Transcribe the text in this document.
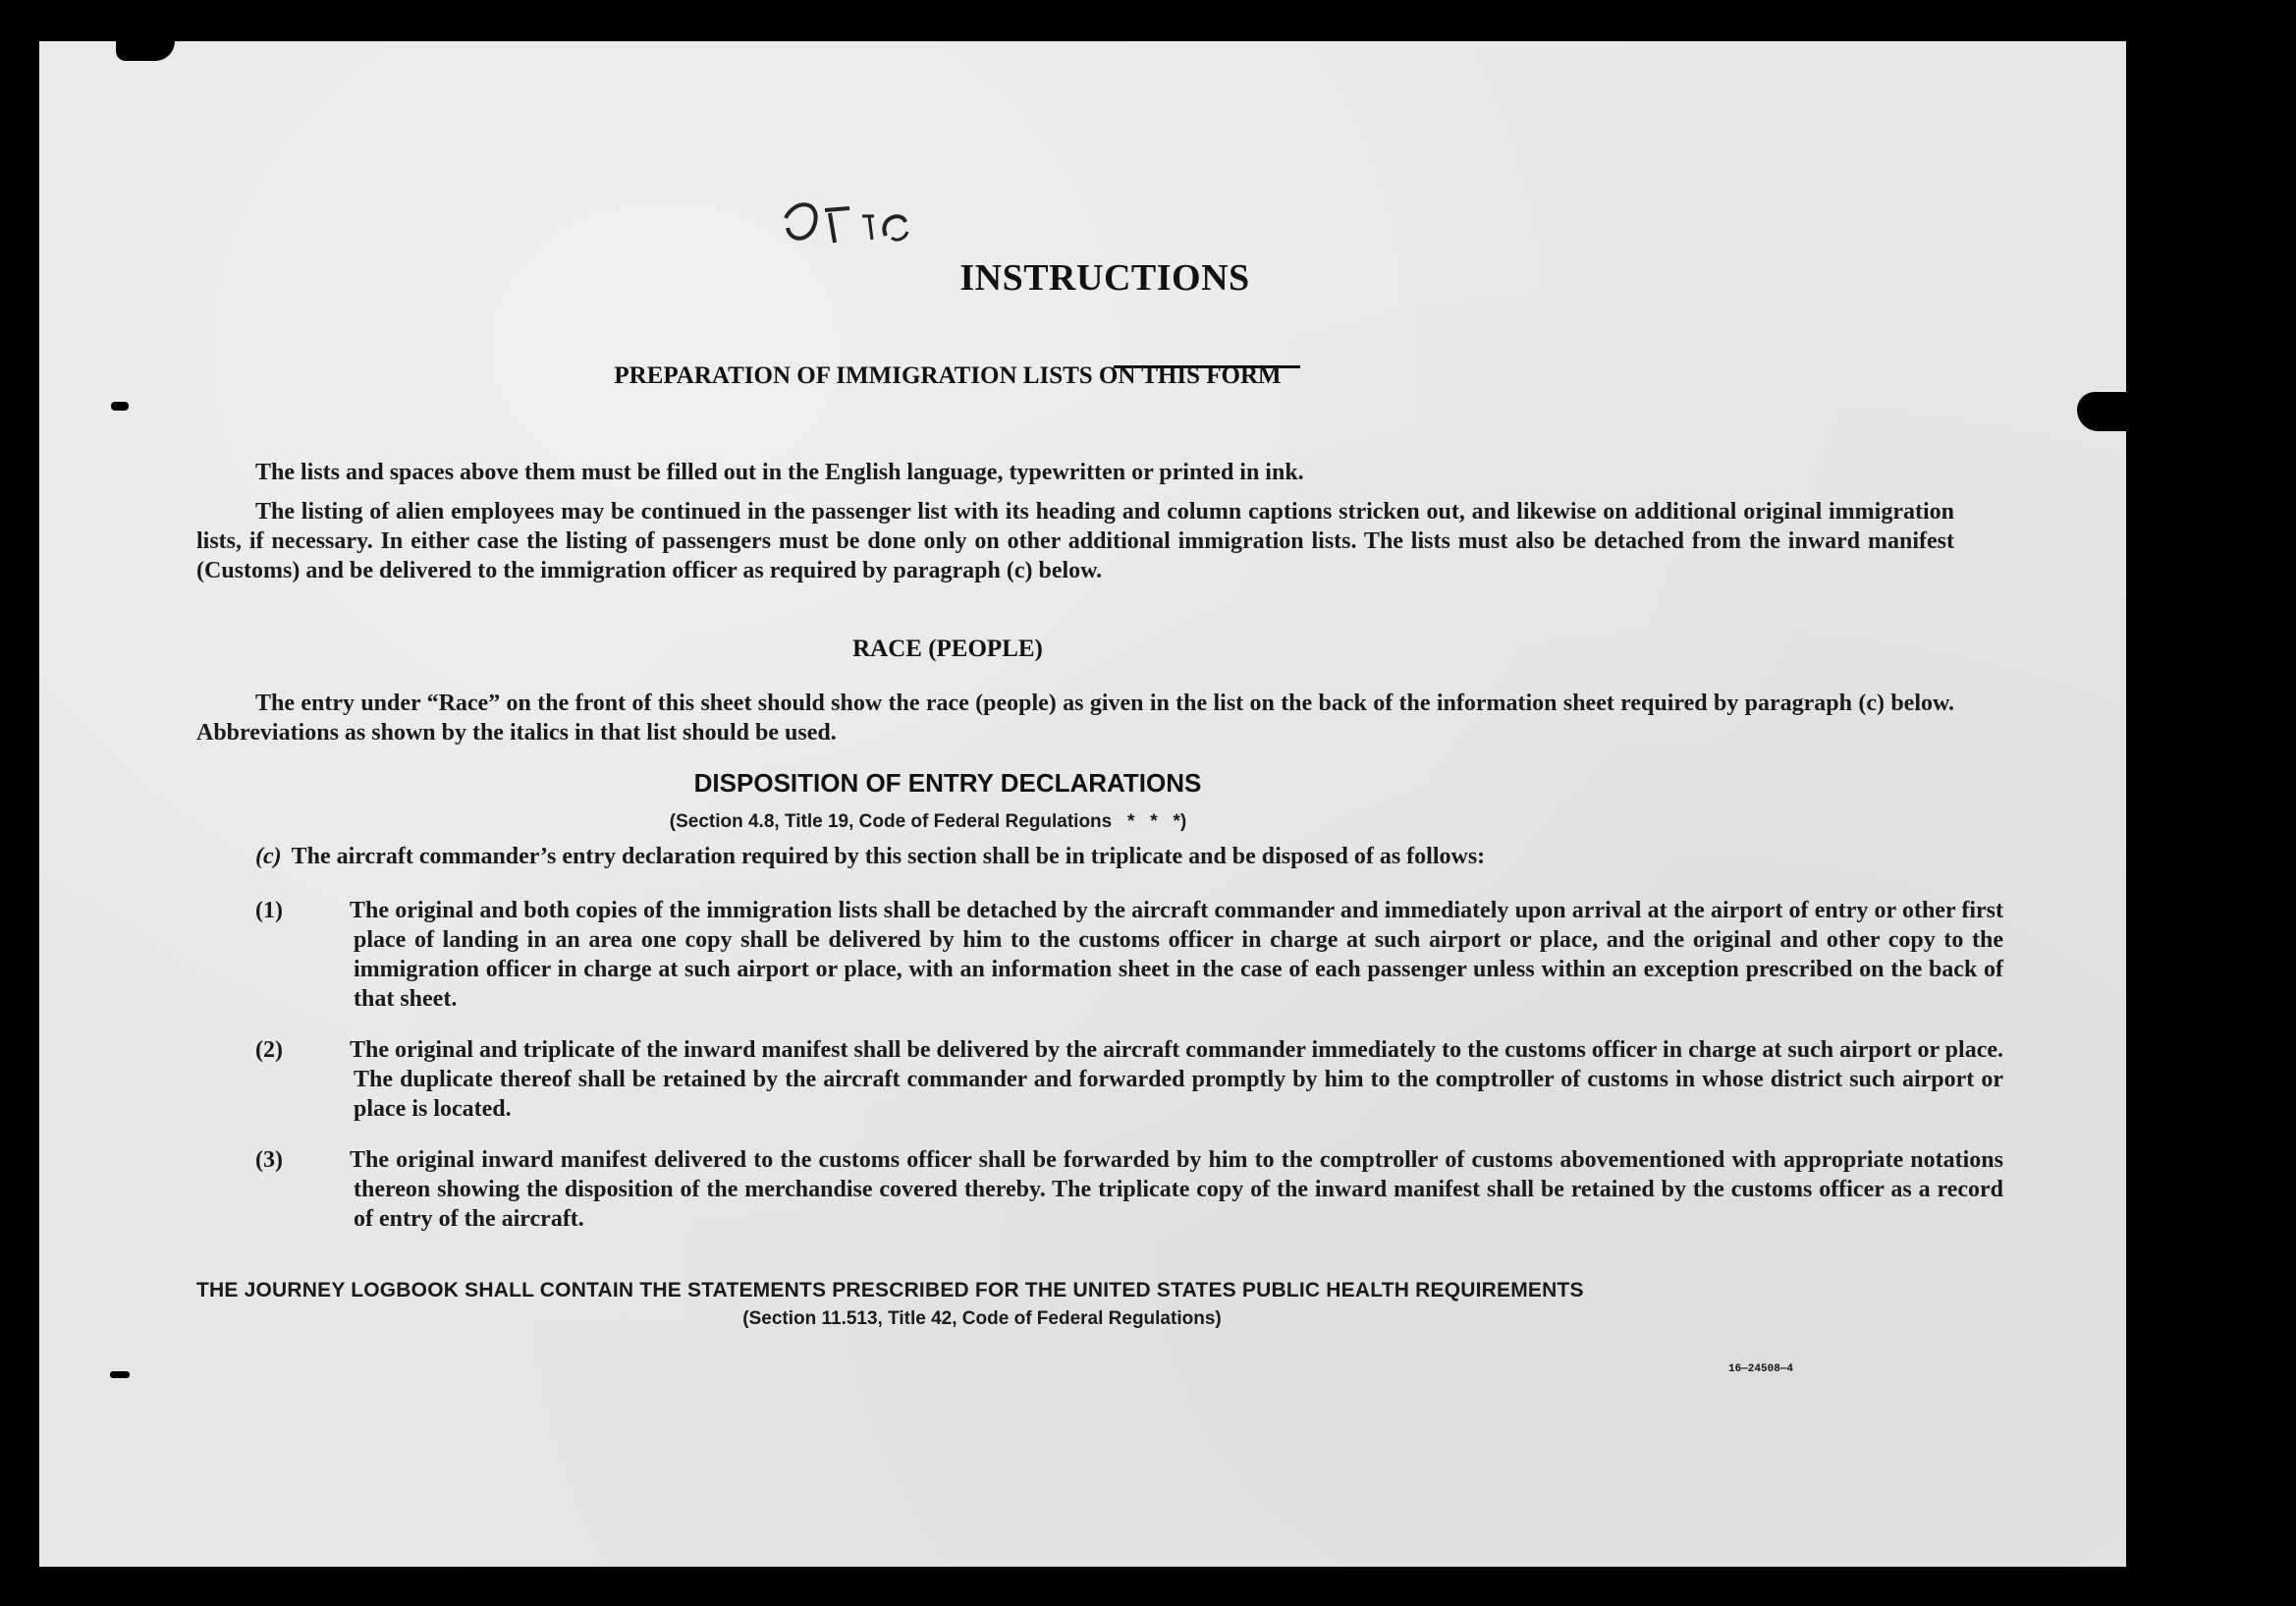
INSTRUCTIONS
PREPARATION OF IMMIGRATION LISTS ON THIS FORM
The lists and spaces above them must be filled out in the English language, typewritten or printed in ink.
The listing of alien employees may be continued in the passenger list with its heading and column captions stricken out, and likewise on additional original immigration lists, if necessary. In either case the listing of passengers must be done only on other additional immigration lists. The lists must also be detached from the inward manifest (Customs) and be delivered to the immigration officer as required by paragraph (c) below.
RACE (PEOPLE)
The entry under “Race” on the front of this sheet should show the race (people) as given in the list on the back of the information sheet required by paragraph (c) below. Abbreviations as shown by the italics in that list should be used.
DISPOSITION OF ENTRY DECLARATIONS
(Section 4.8, Title 19, Code of Federal Regulations   *   *   *)
(c) The aircraft commander’s entry declaration required by this section shall be in triplicate and be disposed of as follows:
(1)	The original and both copies of the immigration lists shall be detached by the aircraft commander and immediately upon arrival at the airport of entry or other first place of landing in an area one copy shall be delivered by him to the customs officer in charge at such airport or place, and the original and other copy to the immigration officer in charge at such airport or place, with an information sheet in the case of each passenger unless within an exception prescribed on the back of that sheet.
(2)	The original and triplicate of the inward manifest shall be delivered by the aircraft commander immediately to the customs officer in charge at such airport or place. The duplicate thereof shall be retained by the aircraft commander and forwarded promptly by him to the comptroller of customs in whose district such airport or place is located.
(3)	The original inward manifest delivered to the customs officer shall be forwarded by him to the comptroller of customs abovementioned with appropriate notations thereon showing the disposition of the merchandise covered thereby. The triplicate copy of the inward manifest shall be retained by the customs officer as a record of entry of the aircraft.
THE JOURNEY LOGBOOK SHALL CONTAIN THE STATEMENTS PRESCRIBED FOR THE UNITED STATES PUBLIC HEALTH REQUIREMENTS
(Section 11.513, Title 42, Code of Federal Regulations)
16—24508—4
